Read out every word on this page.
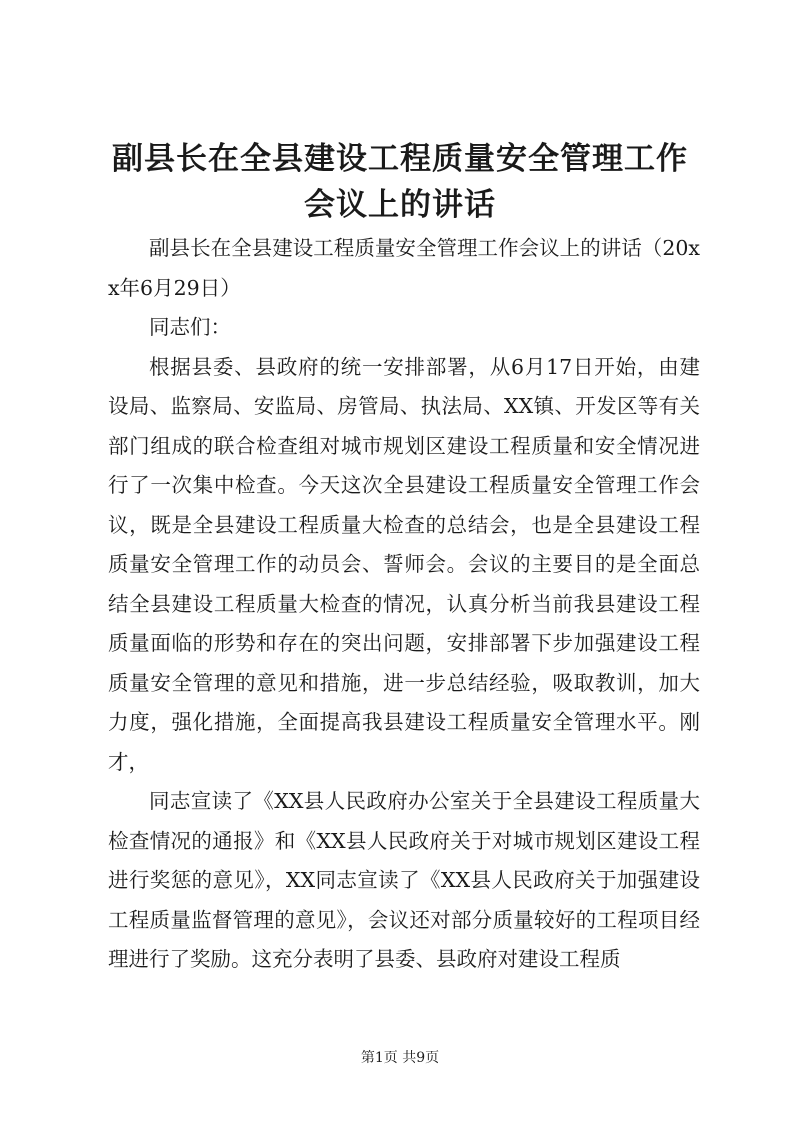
副县长在全县建设工程质量安全管理工作会议上的讲话

副县长在全县建设工程质量安全管理工作会议上的讲话（20xx年6月29日）

同志们：

根据县委、县政府的统一安排部署，从6月17日开始，由建设局、监察局、安监局、房管局、执法局、XX镇、开发区等有关部门组成的联合检查组对城市规划区建设工程质量和安全情况进行了一次集中检查。今天这次全县建设工程质量安全管理工作会议，既是全县建设工程质量大检查的总结会，也是全县建设工程质量安全管理工作的动员会、誓师会。会议的主要目的是全面总结全县建设工程质量大检查的情况，认真分析当前我县建设工程质量面临的形势和存在的突出问题，安排部署下步加强建设工程质量安全管理的意见和措施，进一步总结经验，吸取教训，加大力度，强化措施，全面提高我县建设工程质量安全管理水平。刚才，

同志宣读了《XX县人民政府办公室关于全县建设工程质量大检查情况的通报》和《XX县人民政府关于对城市规划区建设工程进行奖惩的意见》，XX同志宣读了《XX县人民政府关于加强建设工程质量监督管理的意见》，会议还对部分质量较好的工程项目经理进行了奖励。这充分表明了县委、县政府对建设工程质

第1页 共9页
